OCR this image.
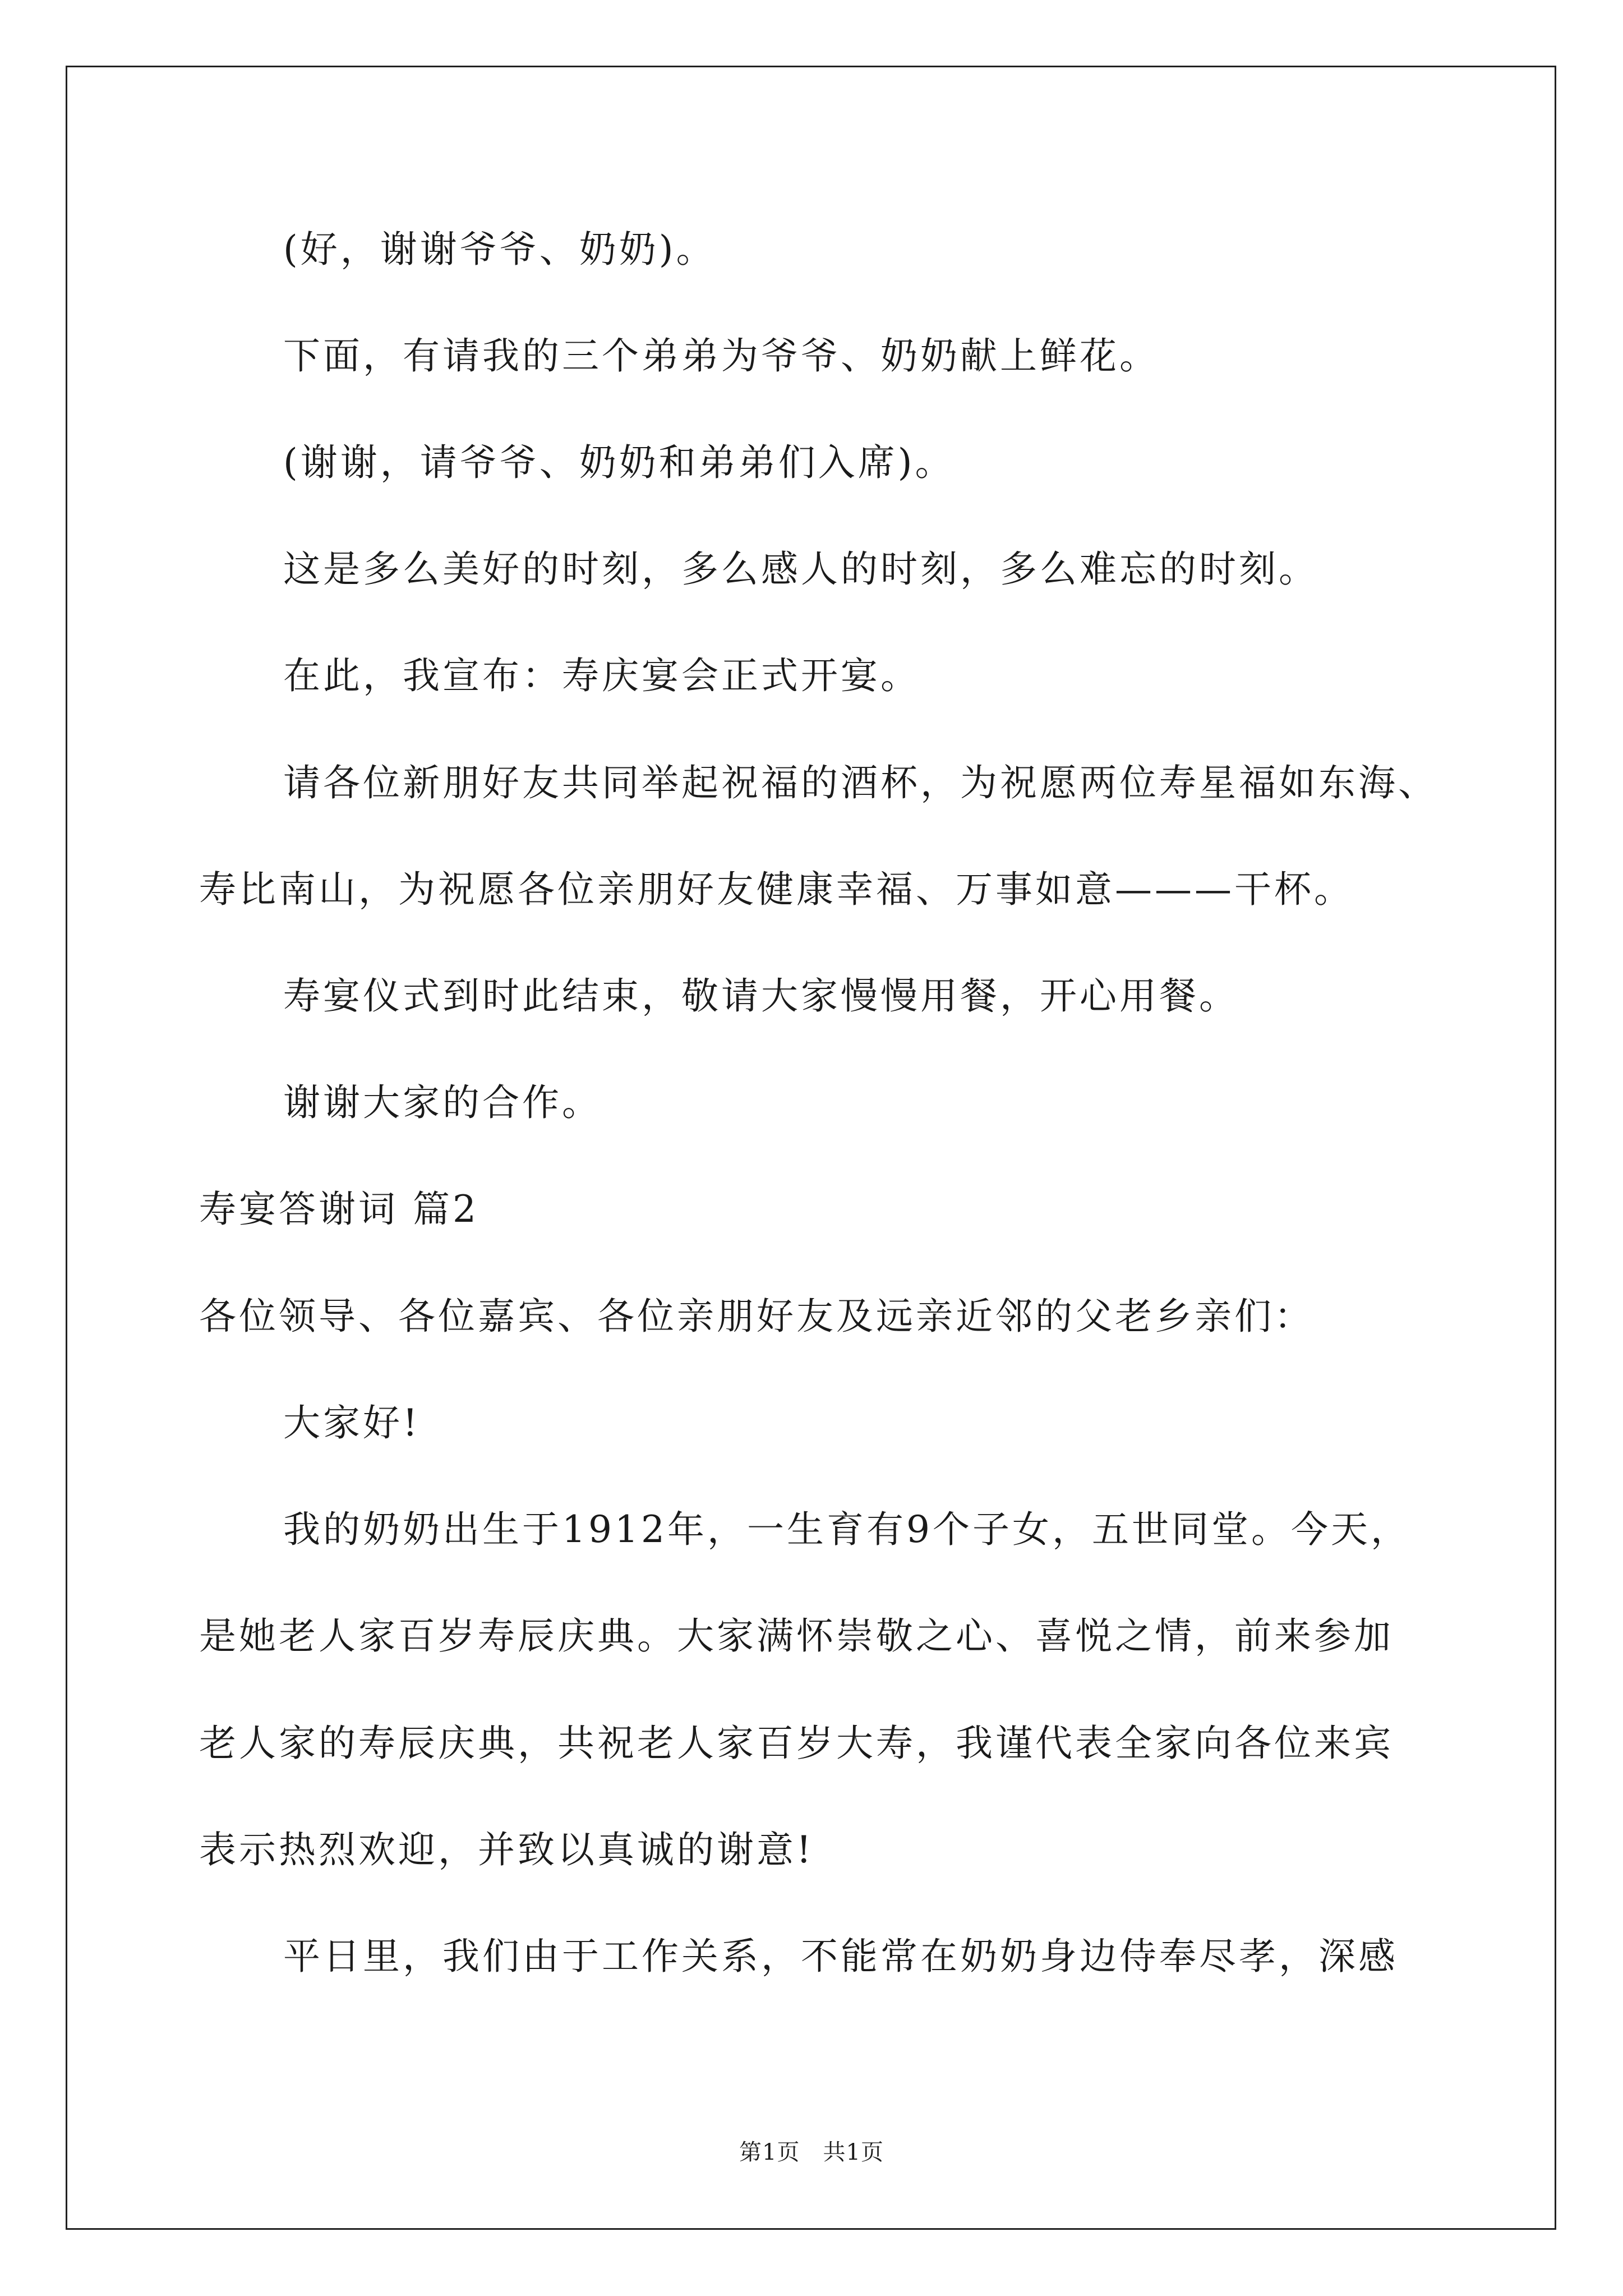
(好，谢谢爷爷、奶奶)。
下面，有请我的三个弟弟为爷爷、奶奶献上鲜花。
(谢谢，请爷爷、奶奶和弟弟们入席)。
这是多么美好的时刻，多么感人的时刻，多么难忘的时刻。
在此，我宣布：寿庆宴会正式开宴。
请各位新朋好友共同举起祝福的酒杯，为祝愿两位寿星福如东海、
寿比南山，为祝愿各位亲朋好友健康幸福、万事如意———干杯。
寿宴仪式到时此结束，敬请大家慢慢用餐，开心用餐。
谢谢大家的合作。
寿宴答谢词 篇2
各位领导、各位嘉宾、各位亲朋好友及远亲近邻的父老乡亲们：
大家好!
我的奶奶出生于1912年，一生育有9个子女，五世同堂。今天，
是她老人家百岁寿辰庆典。大家满怀崇敬之心、喜悦之情，前来参加
老人家的寿辰庆典，共祝老人家百岁大寿，我谨代表全家向各位来宾
表示热烈欢迎，并致以真诚的谢意!
平日里，我们由于工作关系，不能常在奶奶身边侍奉尽孝，深感
第1页　共1页
